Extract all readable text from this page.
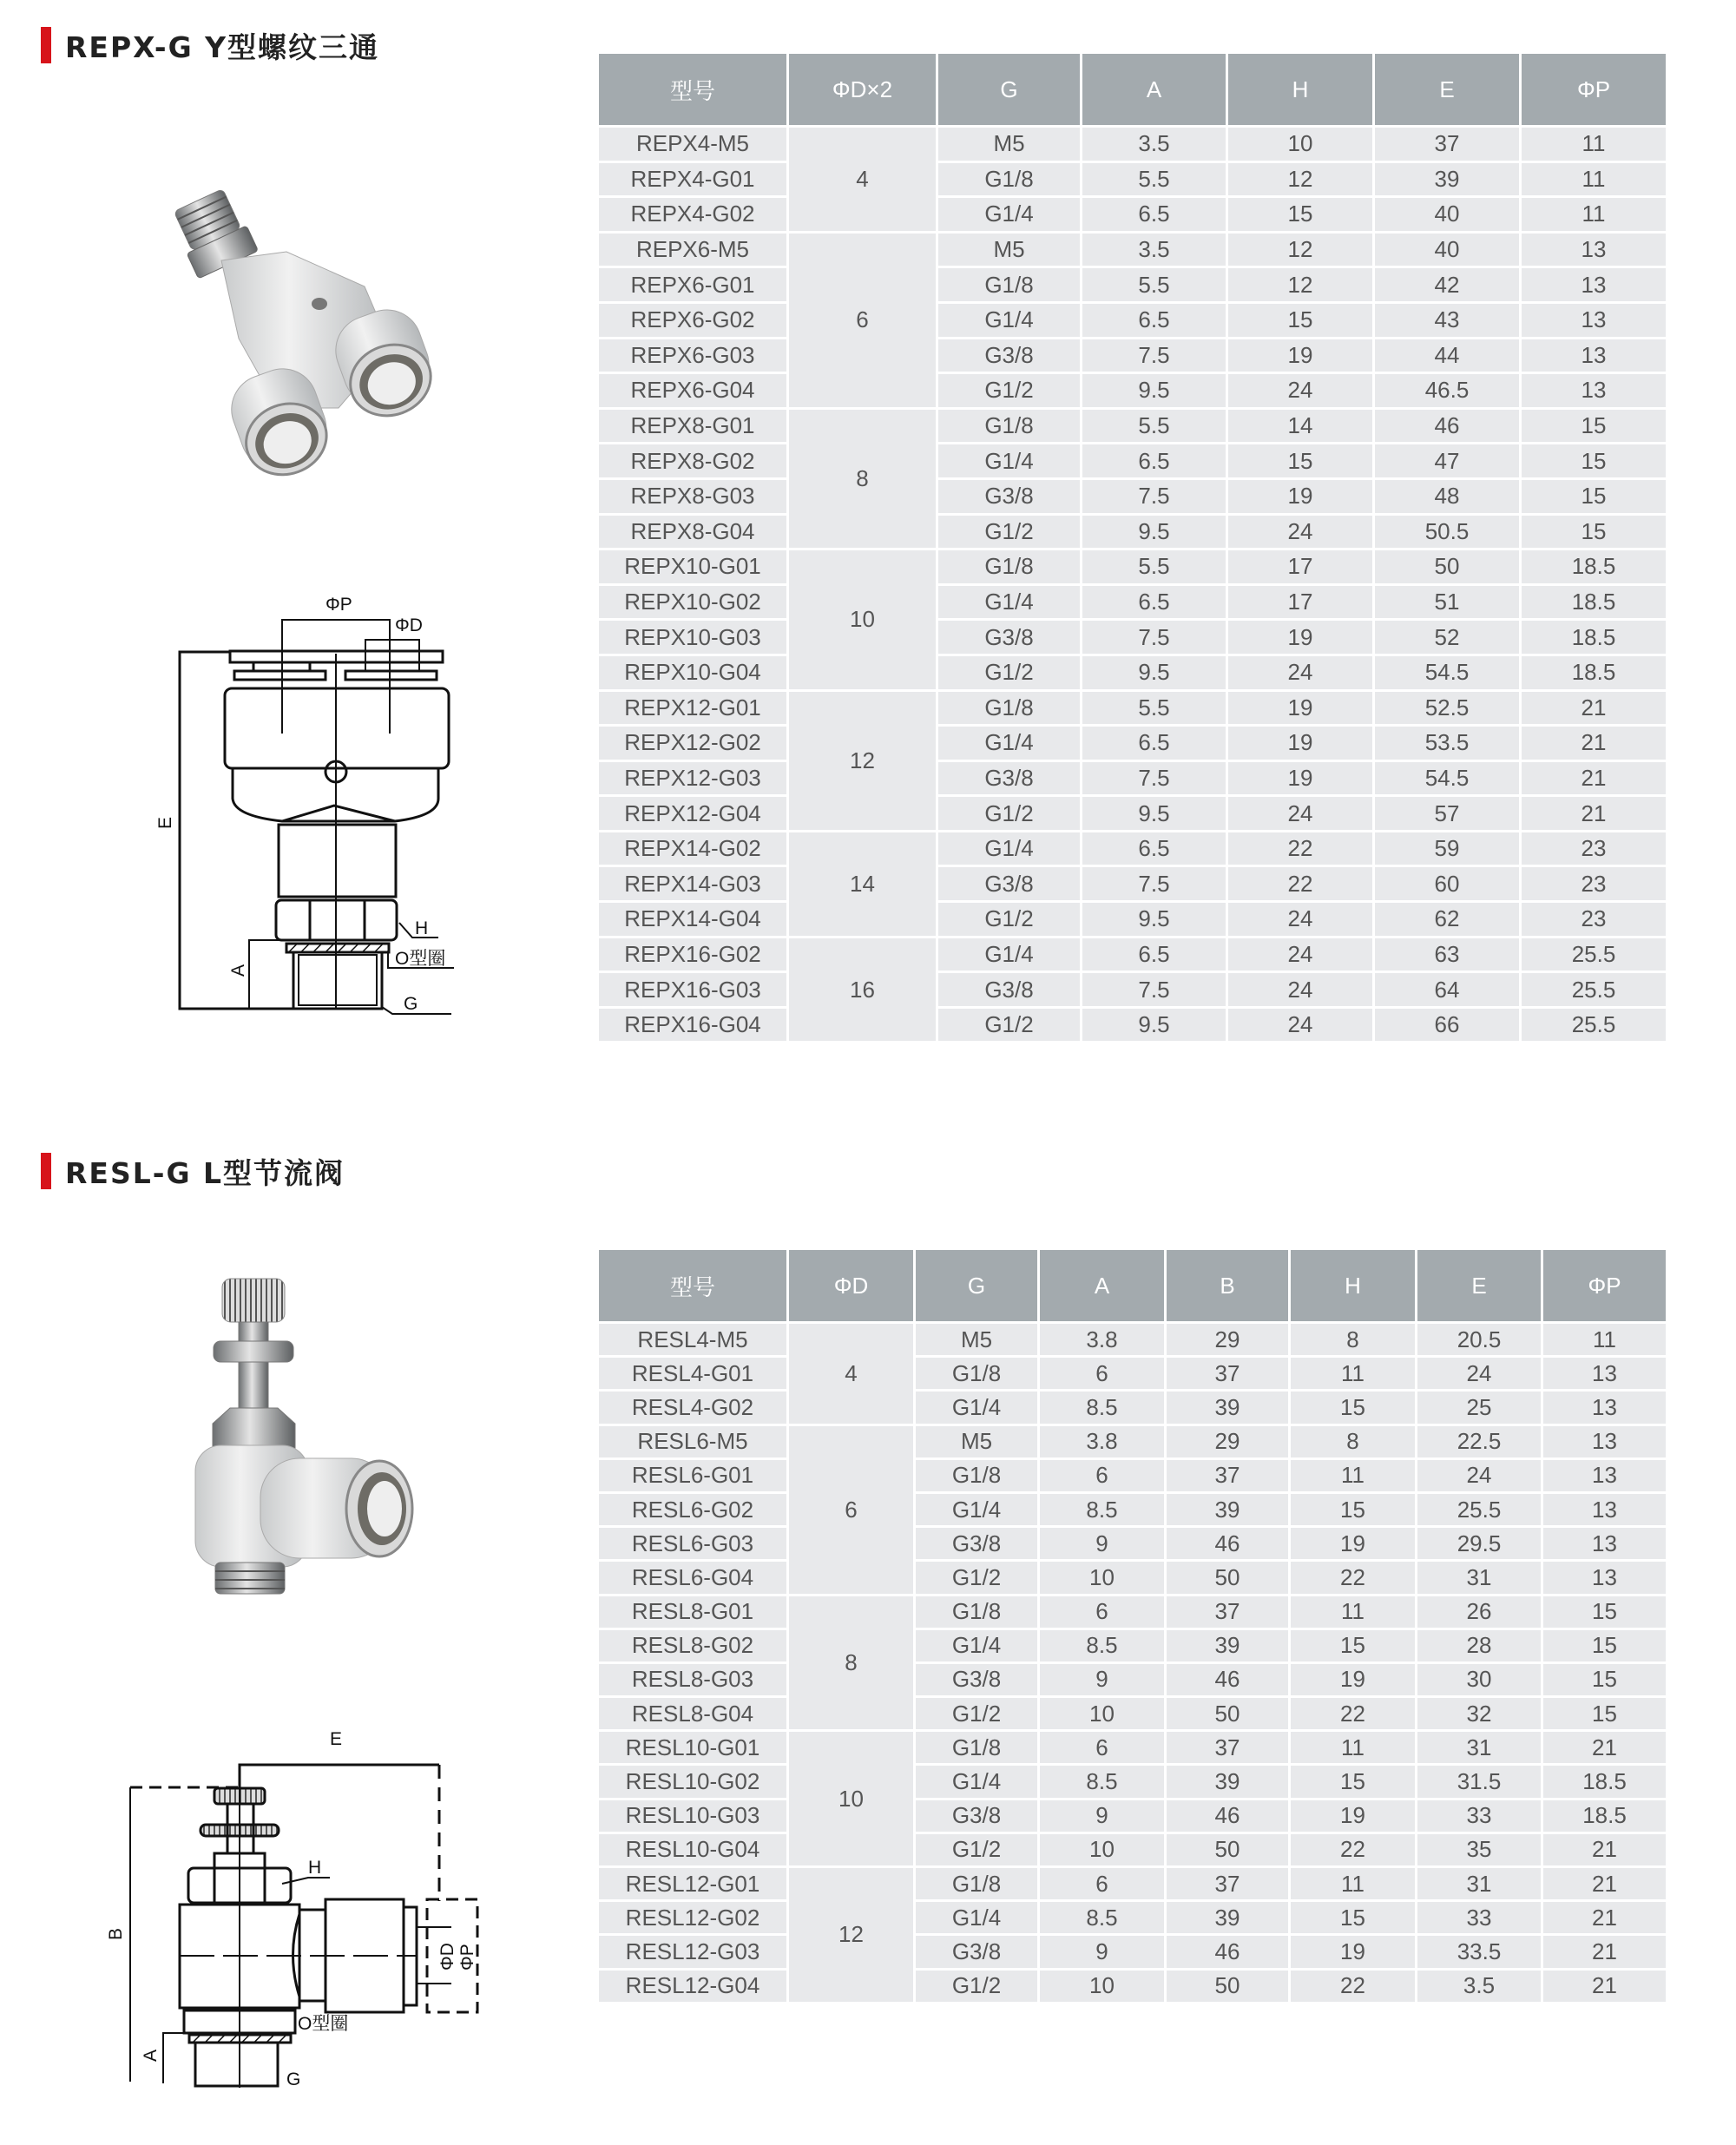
REPX-G Y型螺纹三通
RESL-G L型节流阀
型号	ΦD×2	G	A	H	E	ΦP
REPX4-M5	4	M5	3.5	10	37	11
REPX4-G01		G1/8	5.5	12	39	11
REPX4-G02		G1/4	6.5	15	40	11
REPX6-M5	6	M5	3.5	12	40	13
REPX6-G01		G1/8	5.5	12	42	13
REPX6-G02		G1/4	6.5	15	43	13
REPX6-G03		G3/8	7.5	19	44	13
REPX6-G04		G1/2	9.5	24	46.5	13
REPX8-G01	8	G1/8	5.5	14	46	15
REPX8-G02		G1/4	6.5	15	47	15
REPX8-G03		G3/8	7.5	19	48	15
REPX8-G04		G1/2	9.5	24	50.5	15
REPX10-G01	10	G1/8	5.5	17	50	18.5
REPX10-G02		G1/4	6.5	17	51	18.5
REPX10-G03		G3/8	7.5	19	52	18.5
REPX10-G04		G1/2	9.5	24	54.5	18.5
REPX12-G01	12	G1/8	5.5	19	52.5	21
REPX12-G02		G1/4	6.5	19	53.5	21
REPX12-G03		G3/8	7.5	19	54.5	21
REPX12-G04		G1/2	9.5	24	57	21
REPX14-G02	14	G1/4	6.5	22	59	23
REPX14-G03		G3/8	7.5	22	60	23
REPX14-G04		G1/2	9.5	24	62	23
REPX16-G02	16	G1/4	6.5	24	63	25.5
REPX16-G03		G3/8	7.5	24	64	25.5
REPX16-G04		G1/2	9.5	24	66	25.5
型号	ΦD	G	A	B	H	E	ΦP
RESL4-M5	4	M5	3.8	29	8	20.5	11
RESL4-G01		G1/8	6	37	11	24	13
RESL4-G02		G1/4	8.5	39	15	25	13
RESL6-M5	6	M5	3.8	29	8	22.5	13
RESL6-G01		G1/8	6	37	11	24	13
RESL6-G02		G1/4	8.5	39	15	25.5	13
RESL6-G03		G3/8	9	46	19	29.5	13
RESL6-G04		G1/2	10	50	22	31	13
RESL8-G01	8	G1/8	6	37	11	26	15
RESL8-G02		G1/4	8.5	39	15	28	15
RESL8-G03		G3/8	9	46	19	30	15
RESL8-G04		G1/2	10	50	22	32	15
RESL10-G01	10	G1/8	6	37	11	31	21
RESL10-G02		G1/4	8.5	39	15	31.5	18.5
RESL10-G03		G3/8	9	46	19	33	18.5
RESL10-G04		G1/2	10	50	22	35	21
RESL12-G01	12	G1/8	6	37	11	31	21
RESL12-G02		G1/4	8.5	39	15	33	21
RESL12-G03		G3/8	9	46	19	33.5	21
RESL12-G04		G1/2	10	50	22	3.5	21
ΦP
ΦD
E
H
O型圈
A
G
E
B
H
O型圈
A
G
ΦD ΦP
